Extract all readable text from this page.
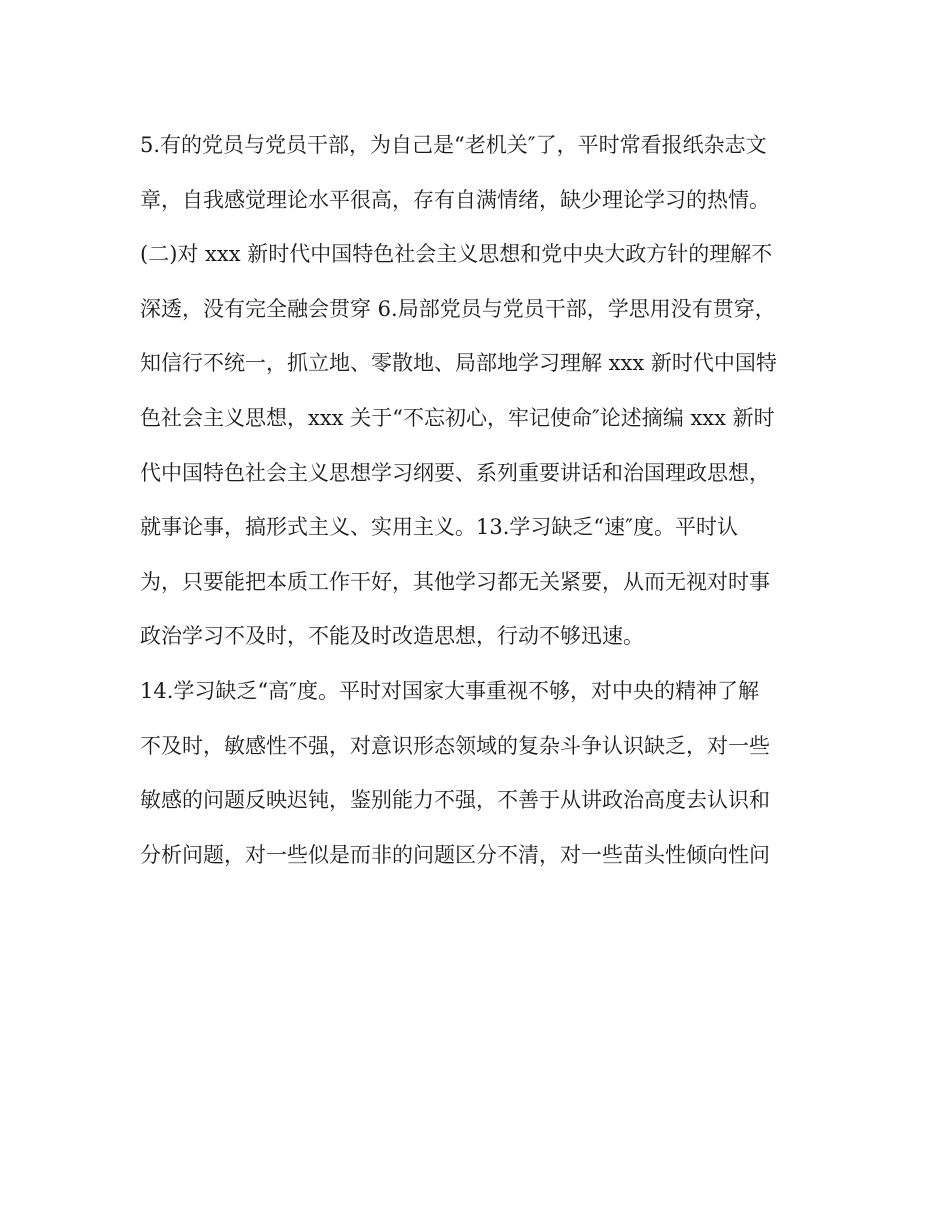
5.有的党员与党员干部，为自己是“老机关″了，平时常看报纸杂志文
章，自我感觉理论水平很高，存有自满情绪，缺少理论学习的热情。
(二)对 xxx 新时代中国特色社会主义思想和党中央大政方针的理解不
深透，没有完全融会贯穿 6.局部党员与党员干部，学思用没有贯穿，
知信行不统一，抓立地、零散地、局部地学习理解 xxx 新时代中国特
色社会主义思想，xxx 关于“不忘初心，牢记使命″论述摘编 xxx 新时
代中国特色社会主义思想学习纲要、系列重要讲话和治国理政思想，
就事论事，搞形式主义、实用主义。13.学习缺乏“速″度。平时认
为，只要能把本质工作干好，其他学习都无关紧要，从而无视对时事
政治学习不及时，不能及时改造思想，行动不够迅速。
14.学习缺乏“高″度。平时对国家大事重视不够，对中央的精神了解
不及时，敏感性不强，对意识形态领域的复杂斗争认识缺乏，对一些
敏感的问题反映迟钝，鉴别能力不强，不善于从讲政治高度去认识和
分析问题，对一些似是而非的问题区分不清，对一些苗头性倾向性问
